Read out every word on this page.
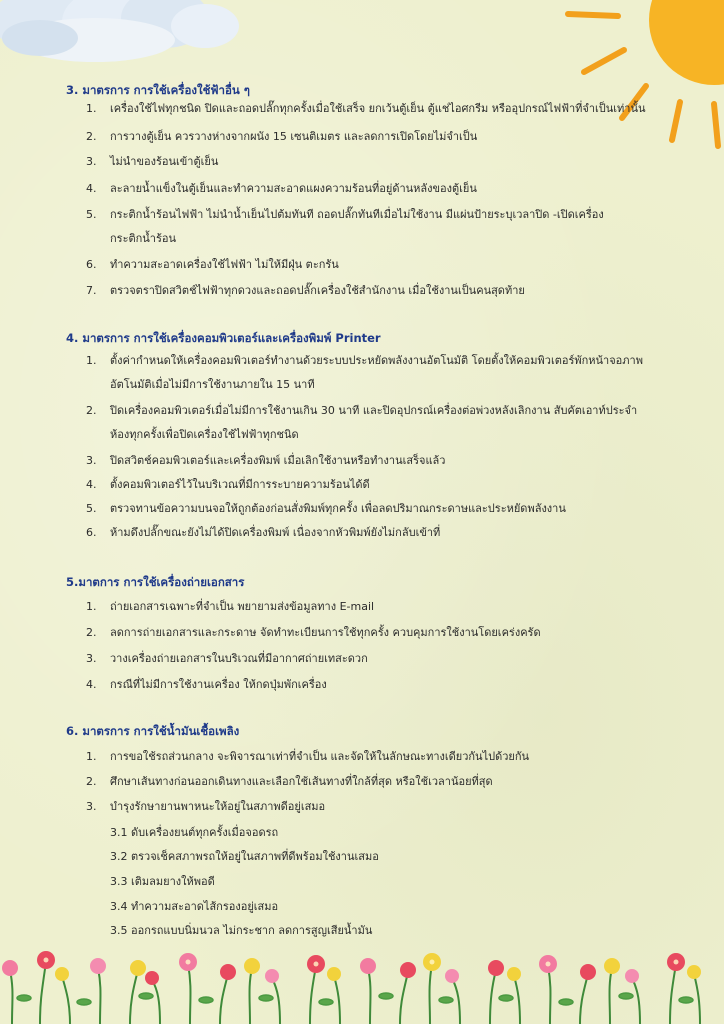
3. มาตรการ การใช้เครื่องใช้ฟ้าอื่น ๆ
1. เครื่องใช้ไฟทุกชนิด ปิดและถอดปลั๊กทุกครั้งเมื่อใช้เสร็จ ยกเว้นตู้เย็น ตู้แช่ไอศกรีม หรืออุปกรณ์ไฟฟ้าที่จำเป็นเท่านั้น
2. การวางตู้เย็น ควรวางห่างจากผนัง 15 เซนติเมตร และลดการเปิดโดยไม่จำเป็น
3. ไม่นำของร้อนเข้าตู้เย็น
4. ละลายน้ำแข็งในตู้เย็นและทำความสะอาดแผงความร้อนที่อยู่ด้านหลังของตู้เย็น
5. กระติกน้ำร้อนไฟฟ้า ไม่นำน้ำเย็นไปต้มทันที ถอดปลั๊กทันทีเมื่อไม่ใช้งาน มีแผ่นป้ายระบุเวลาปิด -เปิดเครื่อง
กระติกน้ำร้อน
6. ทำความสะอาดเครื่องใช้ไฟฟ้า ไม่ให้มีฝุ่น ตะกรัน
7. ตรวจตราปิดสวิตช์ไฟฟ้าทุกดวงและถอดปลั๊กเครื่องใช้สำนักงาน เมื่อใช้งานเป็นคนสุดท้าย
4. มาตรการ การใช้เครื่องคอมพิวเตอร์และเครื่องพิมพ์ Printer
1. ตั้งค่ากำหนดให้เครื่องคอมพิวเตอร์ทำงานด้วยระบบประหยัดพลังงานอัตโนมัติ โดยตั้งให้คอมพิวเตอร์พักหน้าจอภาพ
อัตโนมัติเมื่อไม่มีการใช้งานภายใน 15 นาที
2. ปิดเครื่องคอมพิวเตอร์เมื่อไม่มีการใช้งานเกิน 30 นาที และปิดอุปกรณ์เครื่องต่อพ่วงหลังเลิกงาน สับคัตเอาท์ประจำ
ห้องทุกครั้งเพื่อปิดเครื่องใช้ไฟฟ้าทุกชนิด
3. ปิดสวิตช์คอมพิวเตอร์และเครื่องพิมพ์ เมื่อเลิกใช้งานหรือทำงานเสร็จแล้ว
4. ตั้งคอมพิวเตอร์ไว้ในบริเวณที่มีการระบายความร้อนได้ดี
5. ตรวจทานข้อความบนจอให้ถูกต้องก่อนสั่งพิมพ์ทุกครั้ง เพื่อลดปริมาณกระดาษและประหยัดพลังงาน
6. ห้ามดึงปลั๊กขณะยังไม่ได้ปิดเครื่องพิมพ์ เนื่องจากหัวพิมพ์ยังไม่กลับเข้าที่
5.มาตการ การใช้เครื่องถ่ายเอกสาร
1. ถ่ายเอกสารเฉพาะที่จำเป็น พยายามส่งข้อมูลทาง E-mail
2. ลดการถ่ายเอกสารและกระดาษ จัดทำทะเบียนการใช้ทุกครั้ง ควบคุมการใช้งานโดยเคร่งครัด
3. วางเครื่องถ่ายเอกสารในบริเวณที่มีอากาศถ่ายเทสะดวก
4. กรณีที่ไม่มีการใช้งานเครื่อง ให้กดปุ่มพักเครื่อง
6. มาตรการ การใช้น้ำมันเชื้อเพลิง
1. การขอใช้รถส่วนกลาง จะพิจารณาเท่าที่จำเป็น และจัดให้ในลักษณะทางเดียวกันไปด้วยกัน
2. ศึกษาเส้นทางก่อนออกเดินทางและเลือกใช้เส้นทางที่ใกล้ที่สุด หรือใช้เวลาน้อยที่สุด
3. บำรุงรักษายานพาหนะให้อยู่ในสภาพดีอยู่เสมอ
3.1 ดับเครื่องยนต์ทุกครั้งเมื่อจอดรถ
3.2 ตรวจเช็คสภาพรถให้อยู่ในสภาพที่ดีพร้อมใช้งานเสมอ
3.3 เติมลมยางให้พอดี
3.4 ทำความสะอาดไส้กรองอยู่เสมอ
3.5 ออกรถแบบนิ่มนวล ไม่กระชาก ลดการสูญเสียน้ำมัน
